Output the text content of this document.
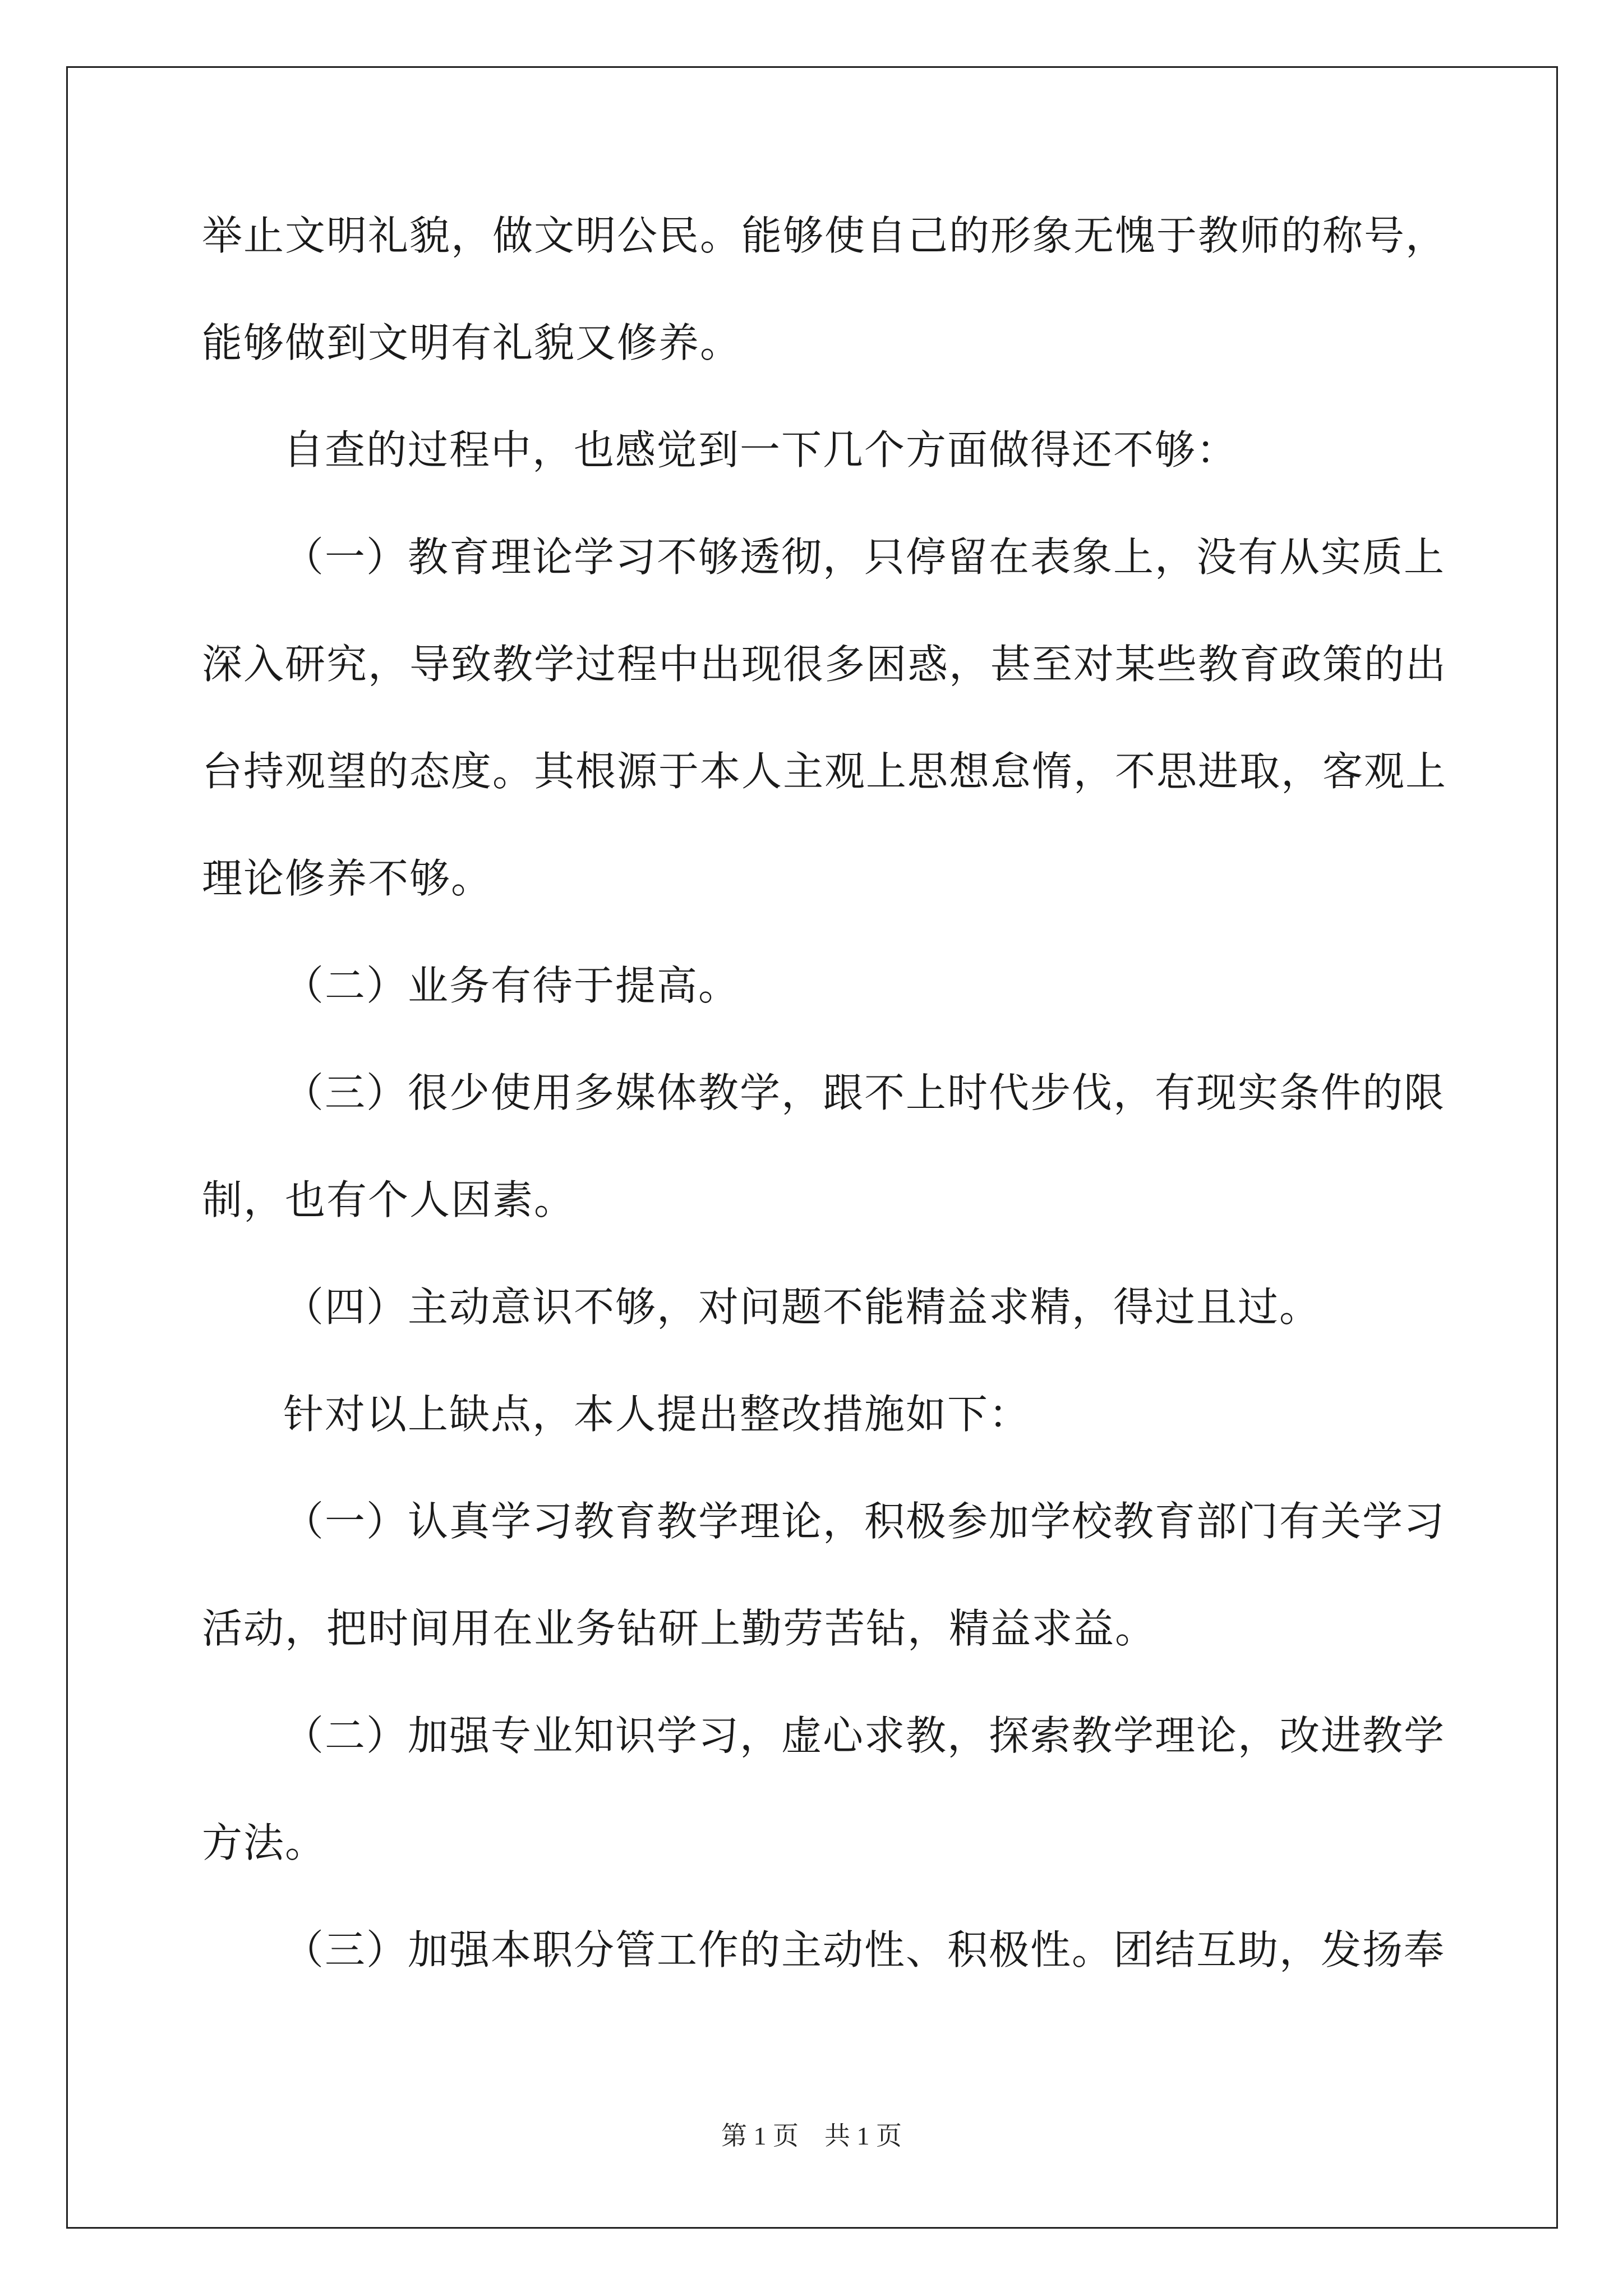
举止文明礼貌，做文明公民。能够使自己的形象无愧于教师的称号，
能够做到文明有礼貌又修养。
自查的过程中，也感觉到一下几个方面做得还不够：
（一）教育理论学习不够透彻，只停留在表象上，没有从实质上
深入研究，导致教学过程中出现很多困惑，甚至对某些教育政策的出
台持观望的态度。其根源于本人主观上思想怠惰，不思进取，客观上
理论修养不够。
（二）业务有待于提高。
（三）很少使用多媒体教学，跟不上时代步伐，有现实条件的限
制，也有个人因素。
（四）主动意识不够，对问题不能精益求精，得过且过。
针对以上缺点，本人提出整改措施如下：
（一）认真学习教育教学理论，积极参加学校教育部门有关学习
活动，把时间用在业务钻研上勤劳苦钻，精益求益。
（二）加强专业知识学习，虚心求教，探索教学理论，改进教学
方法。
（三）加强本职分管工作的主动性、积极性。团结互助，发扬奉
第 1 页　共 1 页
